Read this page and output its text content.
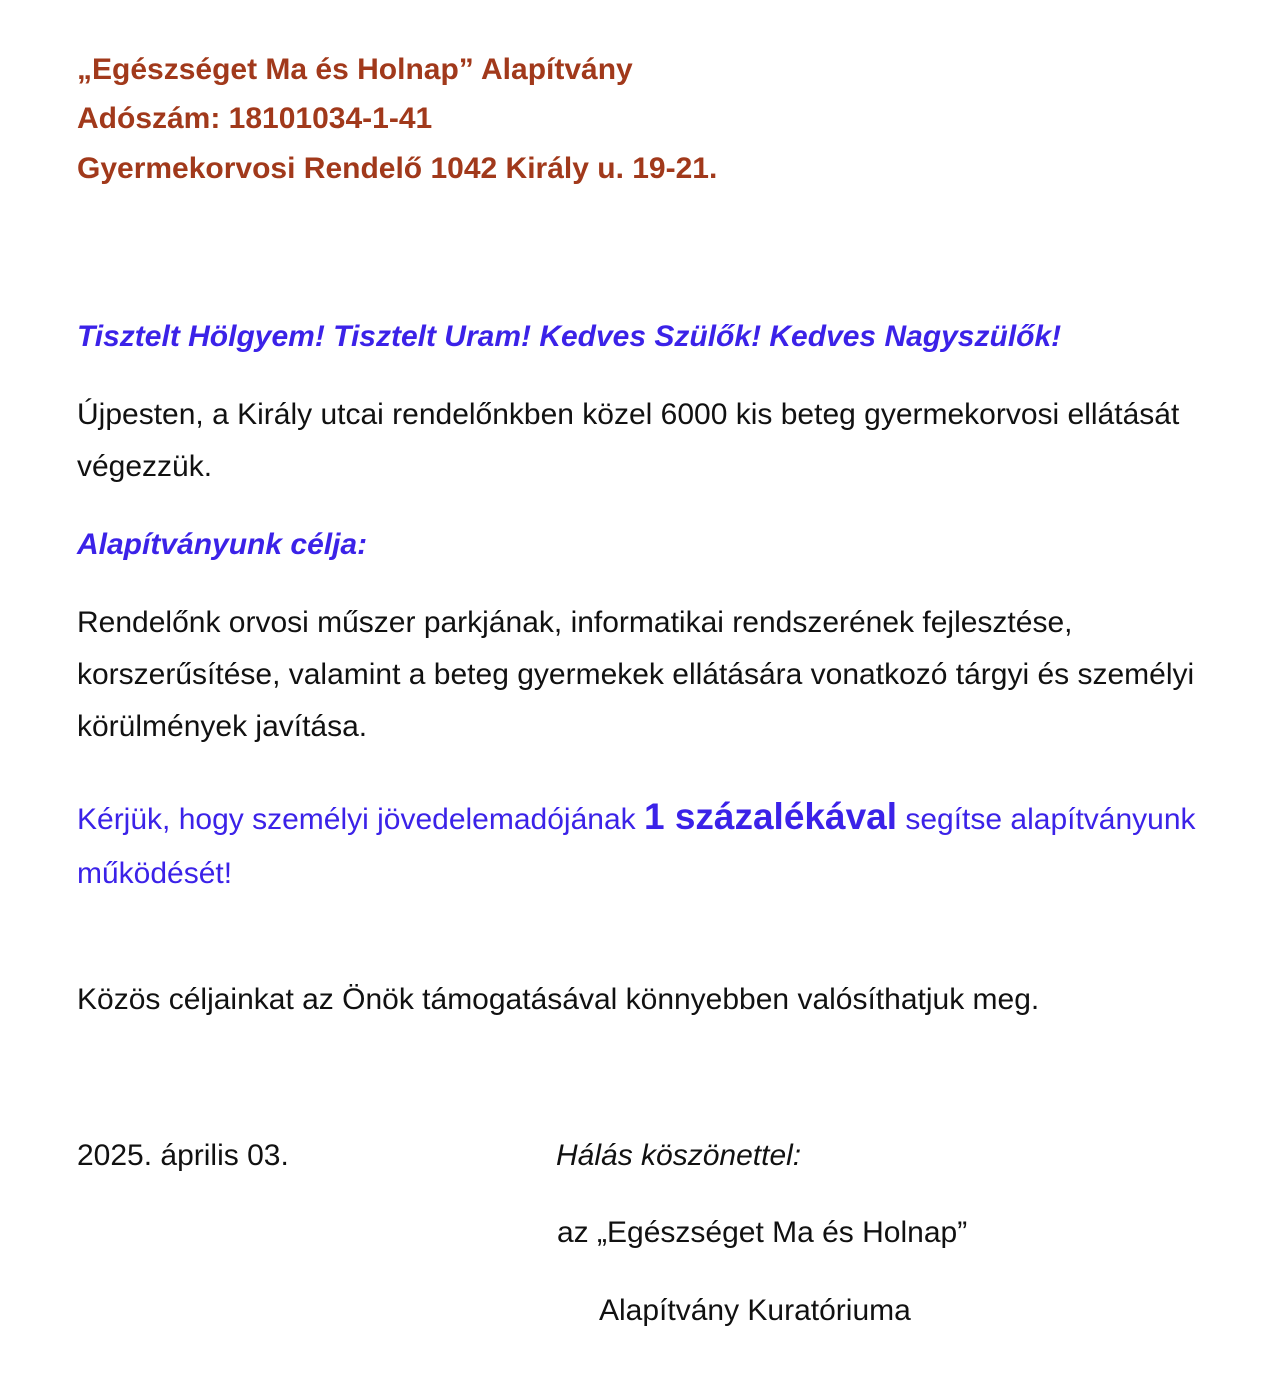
„Egészséget Ma és Holnap” Alapítvány

Adószám: 18101034-1-41

Gyermekorvosi Rendelő 1042 Király u. 19-21.

Tisztelt Hölgyem! Tisztelt Uram! Kedves Szülők! Kedves Nagyszülők!

Újpesten, a Király utcai rendelőnkben közel 6000 kis beteg gyermekorvosi ellátását végezzük.

Alapítványunk célja:

Rendelőnk orvosi műszer parkjának, informatikai rendszerének fejlesztése, korszerűsítése, valamint a beteg gyermekek ellátására vonatkozó tárgyi és személyi körülmények javítása.

Kérjük, hogy személyi jövedelemadójának 1 százalékával segítse alapítványunk működését!

Közös céljainkat az Önök támogatásával könnyebben valósíthatjuk meg.

2025. április 03.	Hálás köszönettel:

az „Egészséget Ma és Holnap”

Alapítvány Kuratóriuma
